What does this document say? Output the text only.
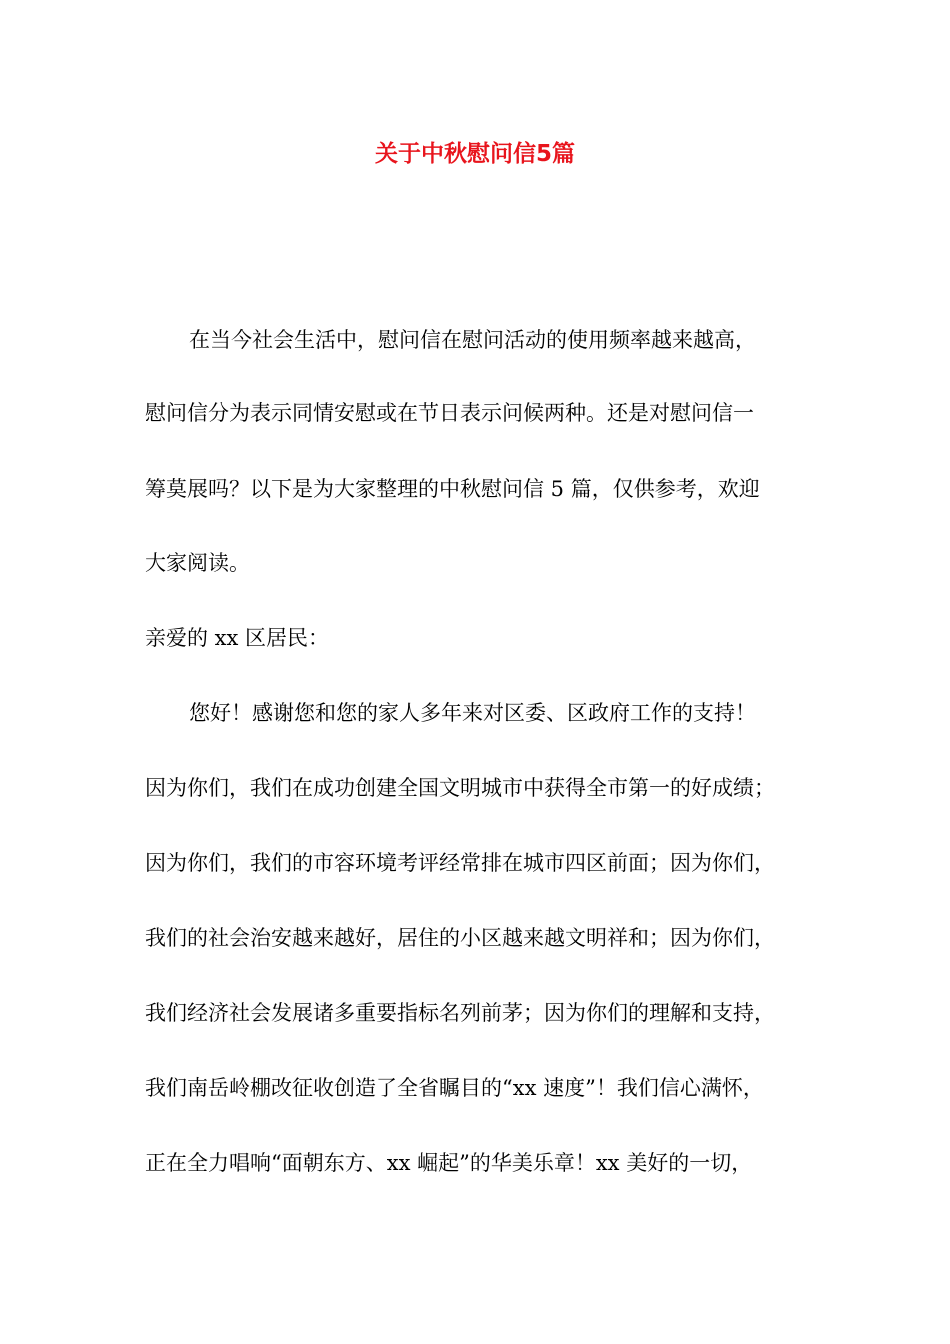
关于中秋慰问信5篇

在当今社会生活中，慰问信在慰问活动的使用频率越来越高，

慰问信分为表示同情安慰或在节日表示问候两种。还是对慰问信一

筹莫展吗？以下是为大家整理的中秋慰问信 5 篇，仅供参考，欢迎

大家阅读。

亲爱的 xx 区居民：

您好！感谢您和您的家人多年来对区委、区政府工作的支持！

因为你们，我们在成功创建全国文明城市中获得全市第一的好成绩；

因为你们，我们的市容环境考评经常排在城市四区前面；因为你们，

我们的社会治安越来越好，居住的小区越来越文明祥和；因为你们，

我们经济社会发展诸多重要指标名列前茅；因为你们的理解和支持，

我们南岳岭棚改征收创造了全省瞩目的“xx 速度”！我们信心满怀，

正在全力唱响“面朝东方、xx 崛起”的华美乐章！xx 美好的一切，
